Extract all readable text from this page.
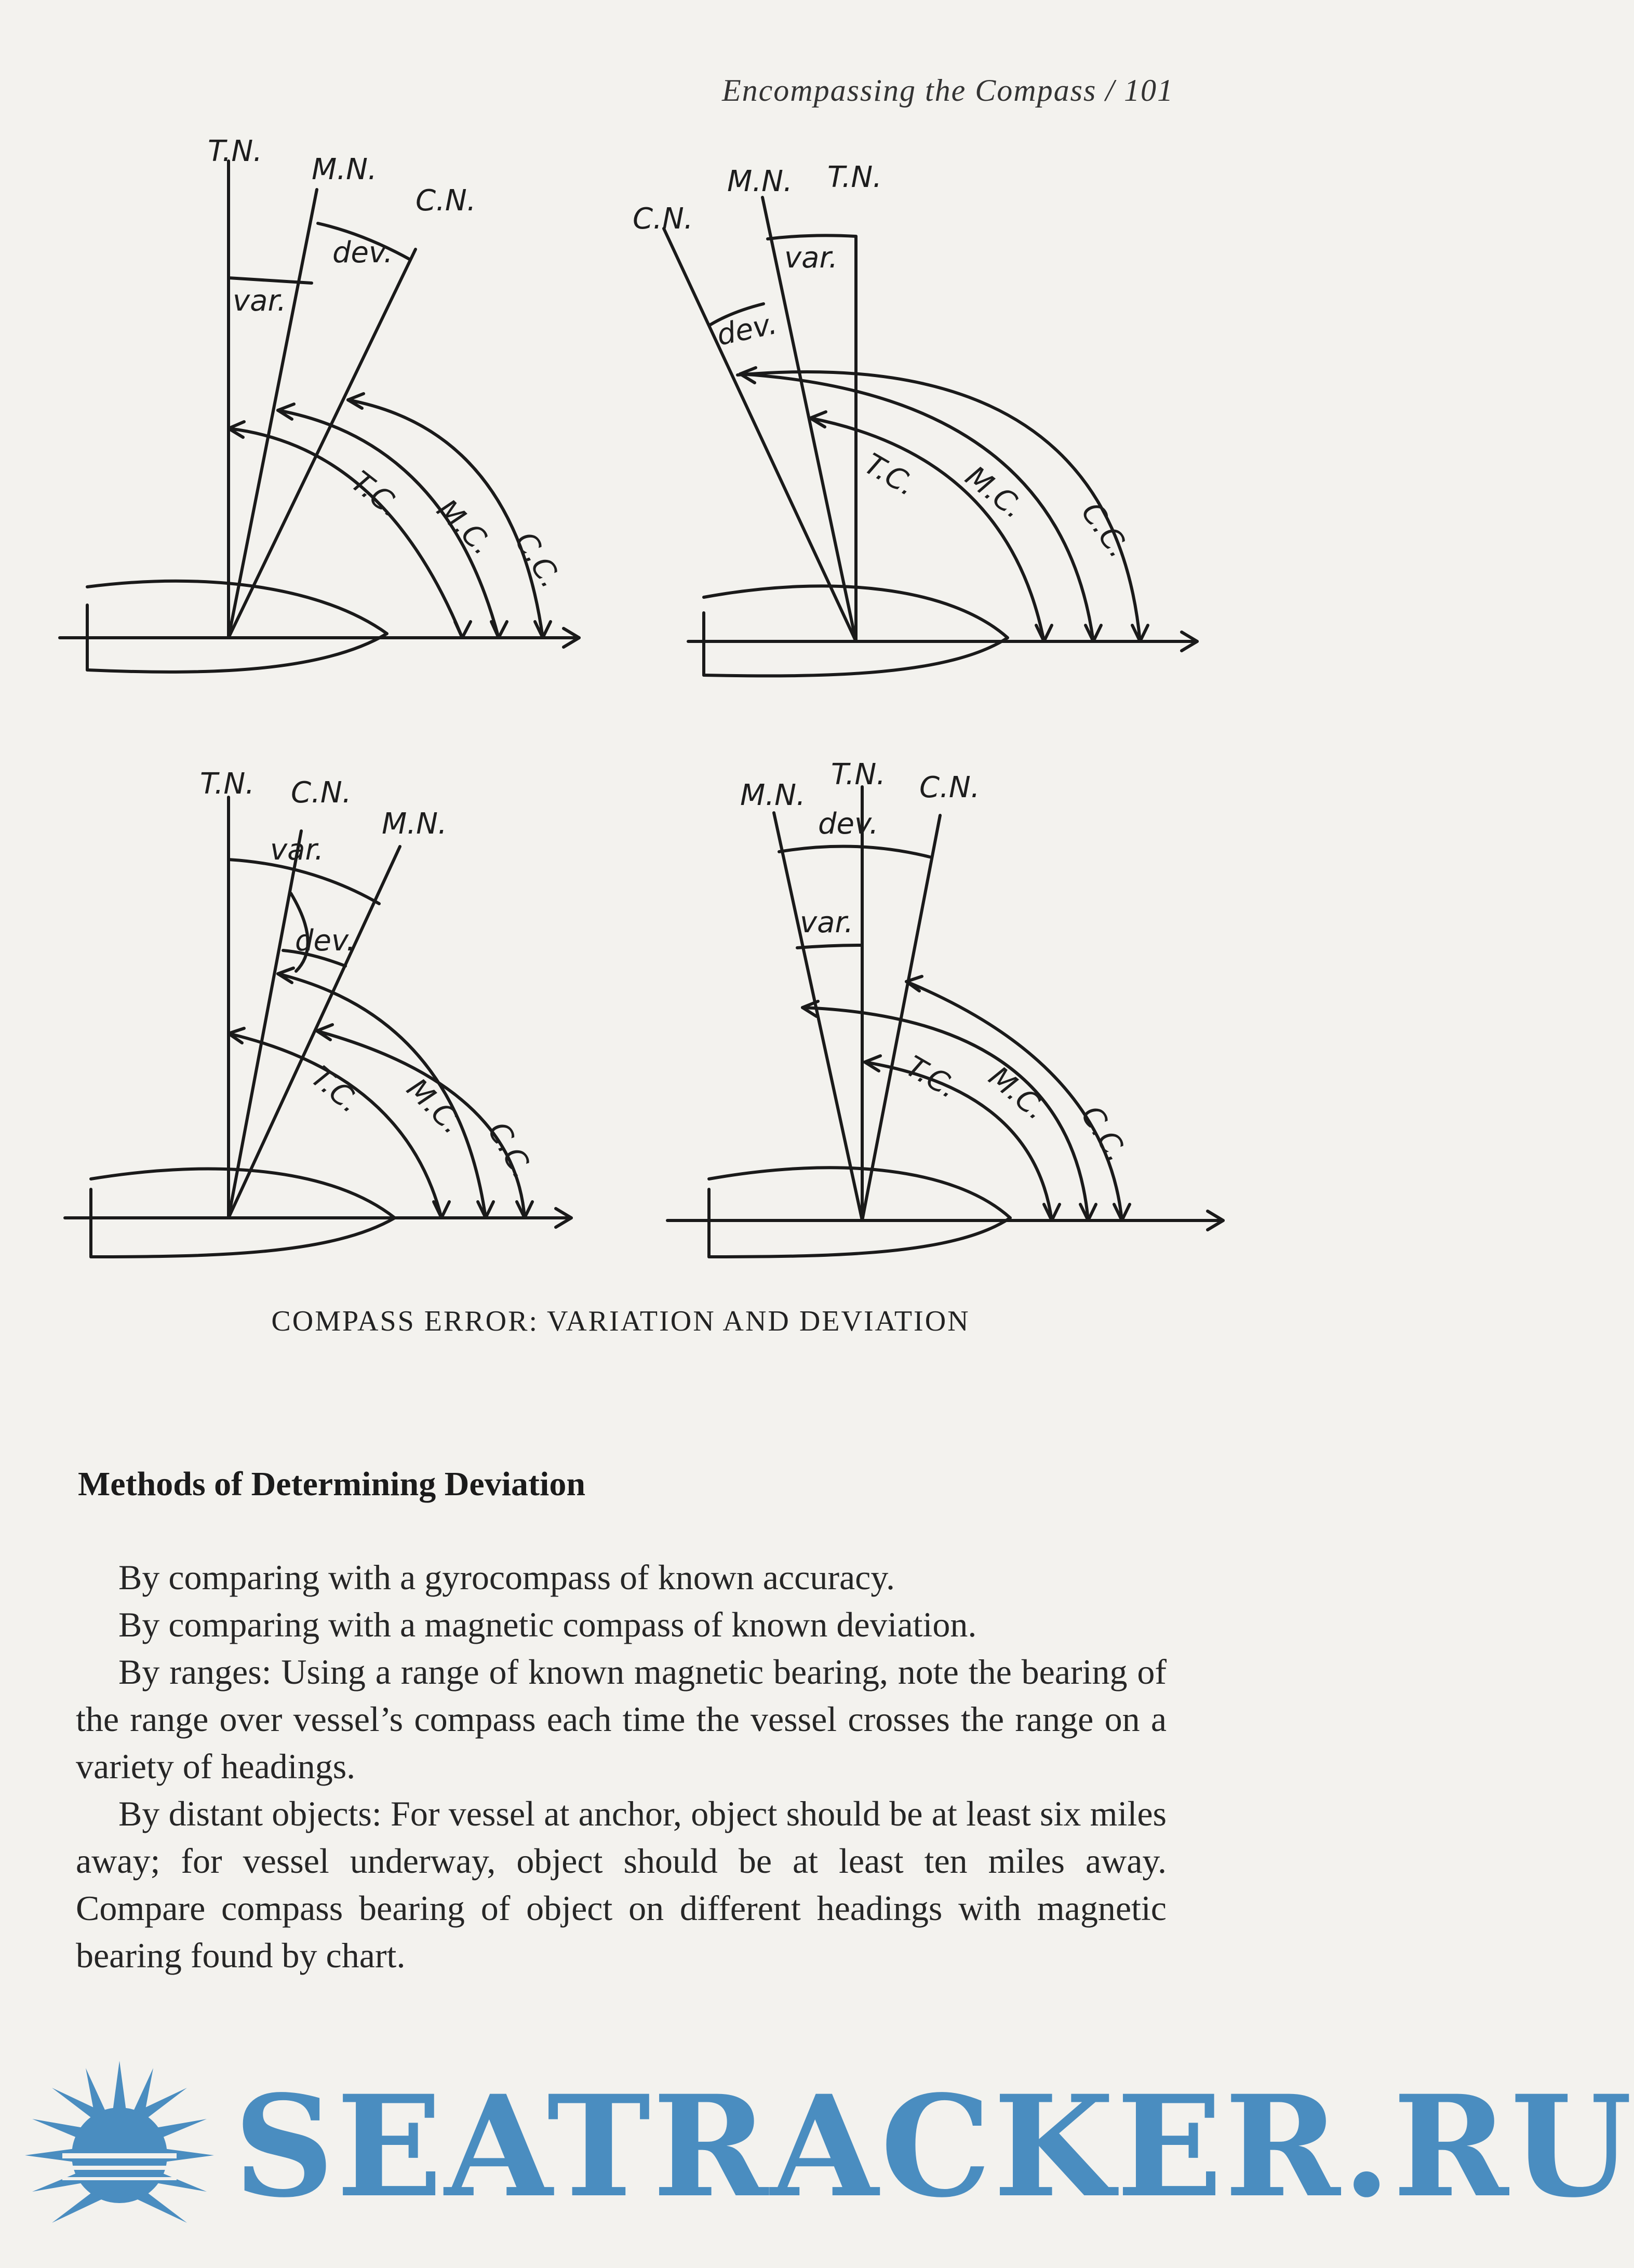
Encompassing the Compass / 101
T.N.
M.N.
C.N.
var.
dev.
T.C. M.C. C.C.
C.N.
M.N. T.N.
var.
dev.
T.C. M.C.
C.C.
T.N. C.N.
M.N.
var.
dev.
T.C. M.C.
C.C.
M.N.
T.N. C.N.
dev.
var.
T.C. M.C.
C.C.
COMPASS ERROR: VARIATION AND DEVIATION
Methods of Determining Deviation

By comparing with a gyrocompass of known accuracy.

By comparing with a magnetic compass of known deviation.

By ranges: Using a range of known magnetic bearing, note the bearing of the range over vessel’s compass each time the vessel crosses the range on a variety of headings.

By distant objects: For vessel at anchor, object should be at least six miles away; for vessel underway, object should be at least ten miles away. Compare compass bearing of object on different headings with magnetic bearing found by chart.

SEATRACKER.RU
